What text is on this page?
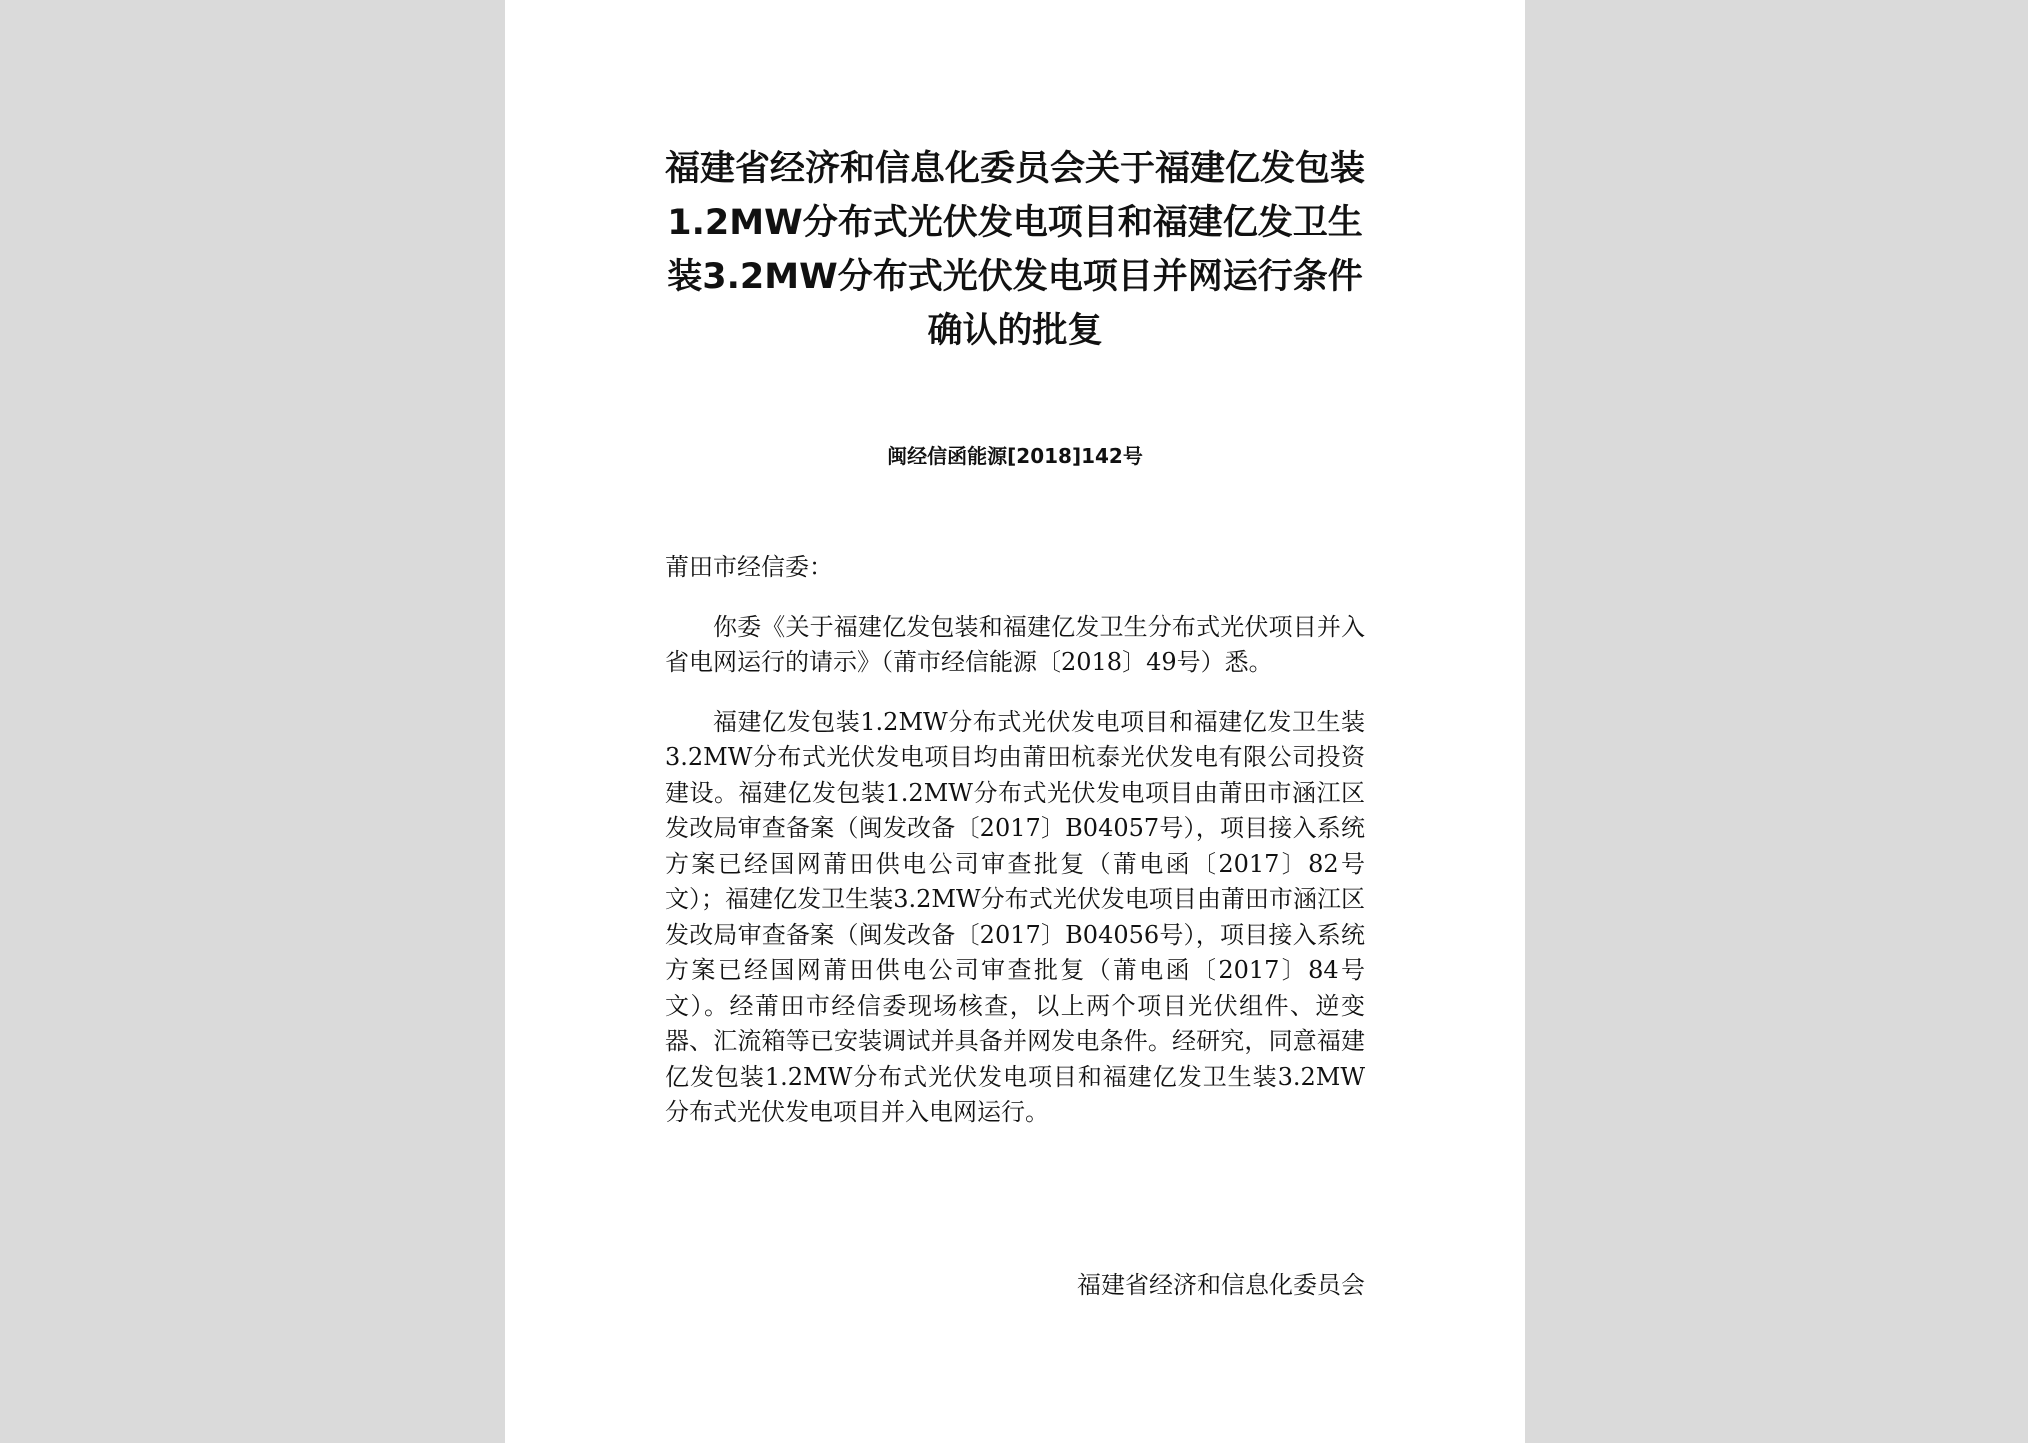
福建省经济和信息化委员会关于福建亿发包装1.2MW分布式光伏发电项目和福建亿发卫生装3.2MW分布式光伏发电项目并网运行条件确认的批复

闽经信函能源[2018]142号

莆田市经信委：

你委《关于福建亿发包装和福建亿发卫生分布式光伏项目并入省电网运行的请示》（莆市经信能源〔2018〕49号）悉。

福建亿发包装1.2MW分布式光伏发电项目和福建亿发卫生装3.2MW分布式光伏发电项目均由莆田杭泰光伏发电有限公司投资建设。福建亿发包装1.2MW分布式光伏发电项目由莆田市涵江区发改局审查备案（闽发改备〔2017〕B04057号），项目接入系统方案已经国网莆田供电公司审查批复（莆电函〔2017〕82号文）；福建亿发卫生装3.2MW分布式光伏发电项目由莆田市涵江区发改局审查备案（闽发改备〔2017〕B04056号），项目接入系统方案已经国网莆田供电公司审查批复（莆电函〔2017〕84号文）。经莆田市经信委现场核查，以上两个项目光伏组件、逆变器、汇流箱等已安装调试并具备并网发电条件。经研究，同意福建亿发包装1.2MW分布式光伏发电项目和福建亿发卫生装3.2MW分布式光伏发电项目并入电网运行。

福建省经济和信息化委员会
